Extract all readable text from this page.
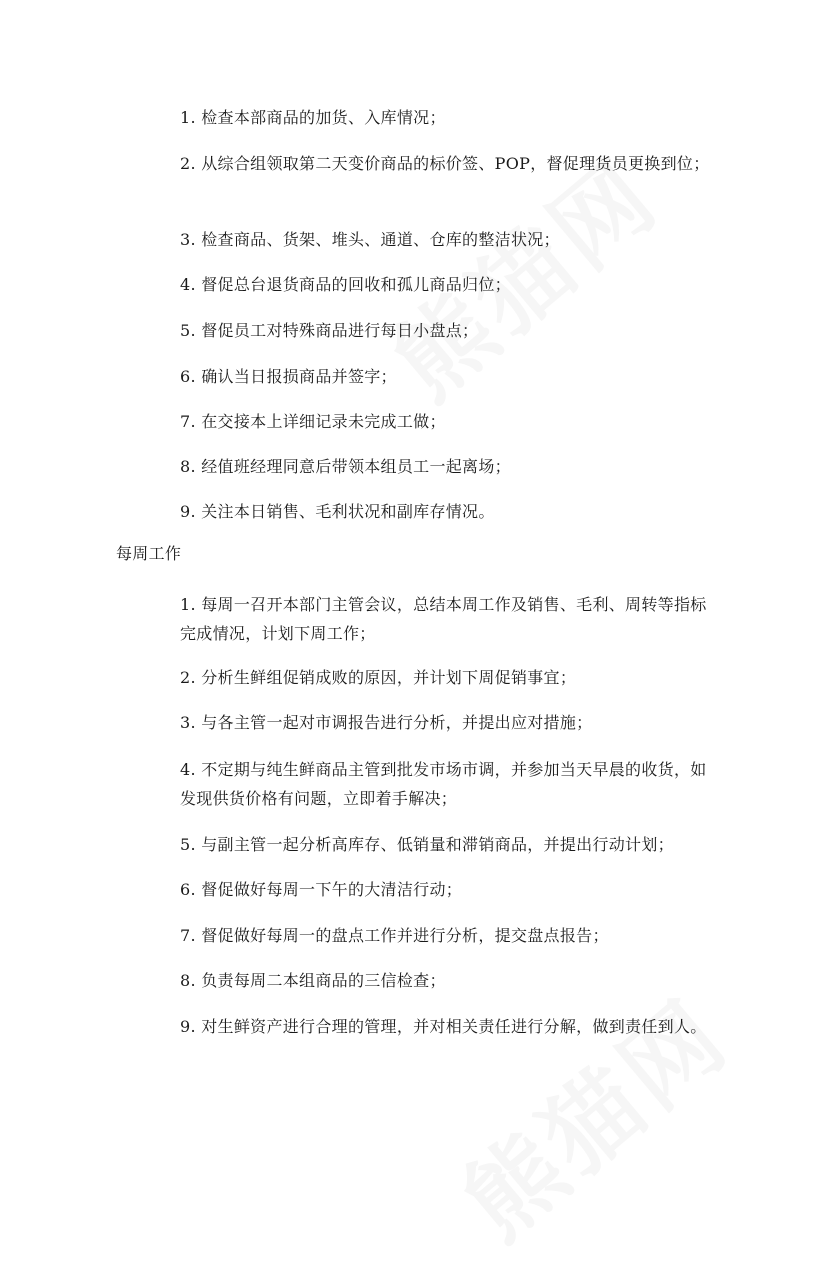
1. 检查本部商品的加货、入库情况；
2. 从综合组领取第二天变价商品的标价签、POP，督促理货员更换到位；
3. 检查商品、货架、堆头、通道、仓库的整洁状况；
4. 督促总台退货商品的回收和孤儿商品归位；
5. 督促员工对特殊商品进行每日小盘点；
6. 确认当日报损商品并签字；
7. 在交接本上详细记录未完成工做；
8. 经值班经理同意后带领本组员工一起离场；
9. 关注本日销售、毛利状况和副库存情况。
每周工作
1. 每周一召开本部门主管会议，总结本周工作及销售、毛利、周转等指标完成情况，计划下周工作；
2. 分析生鲜组促销成败的原因，并计划下周促销事宜；
3. 与各主管一起对市调报告进行分析，并提出应对措施；
4. 不定期与纯生鲜商品主管到批发市场市调，并参加当天早晨的收货，如发现供货价格有问题，立即着手解决；
5. 与副主管一起分析高库存、低销量和滞销商品，并提出行动计划；
6. 督促做好每周一下午的大清洁行动；
7. 督促做好每周一的盘点工作并进行分析，提交盘点报告；
8. 负责每周二本组商品的三信检查；
9. 对生鲜资产进行合理的管理，并对相关责任进行分解，做到责任到人。
